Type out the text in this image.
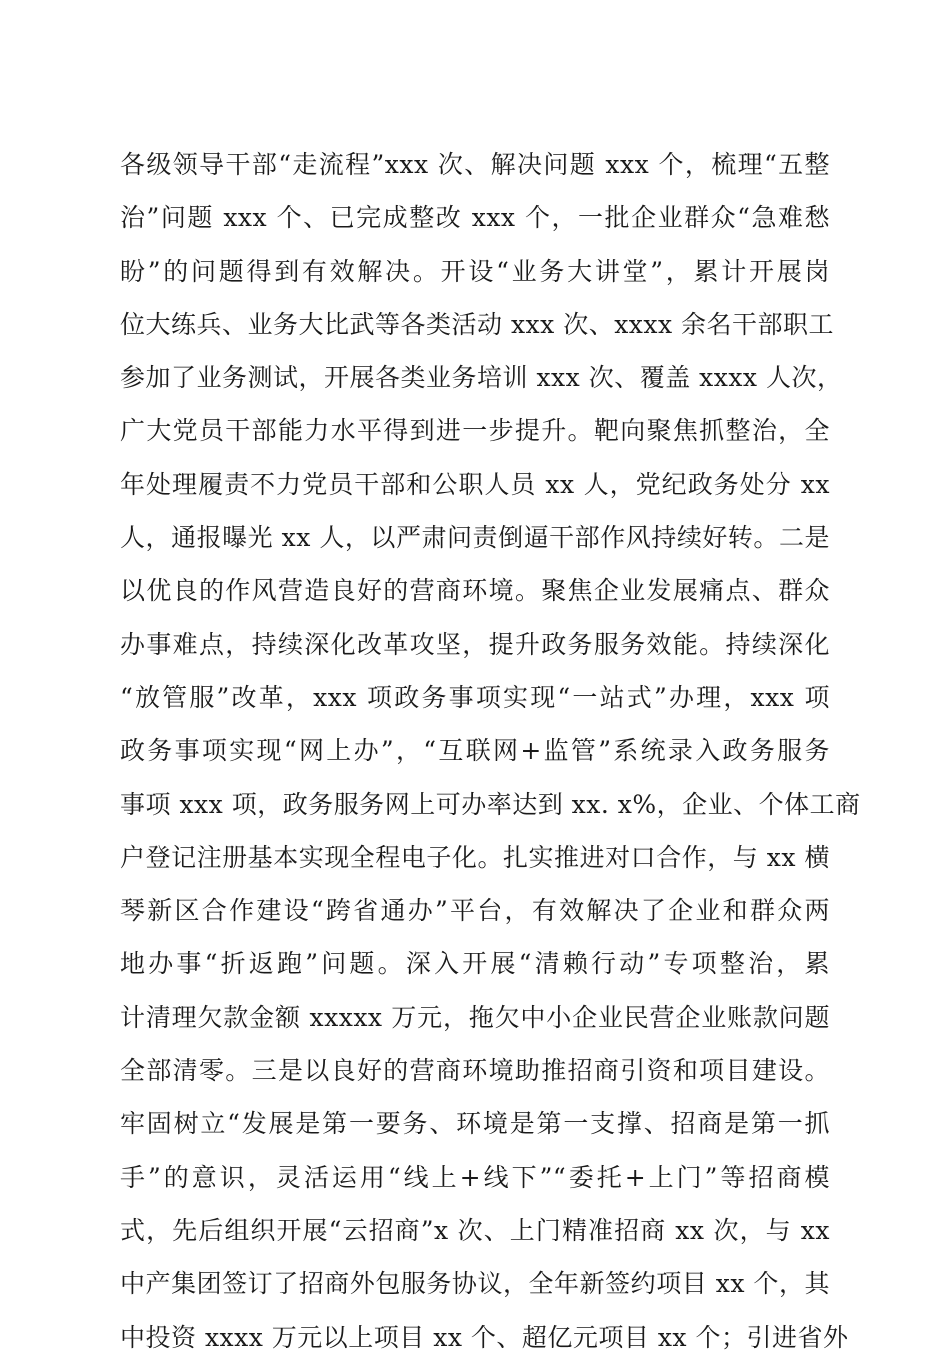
各级领导干部“走流程”xxx 次、解决问题 xxx 个，梳理“五整
治”问题 xxx 个、已完成整改 xxx 个，一批企业群众“急难愁
盼”的问题得到有效解决。开设“业务大讲堂”，累计开展岗
位大练兵、业务大比武等各类活动 xxx 次、xxxx 余名干部职工
参加了业务测试，开展各类业务培训 xxx 次、覆盖 xxxx 人次，
广大党员干部能力水平得到进一步提升。靶向聚焦抓整治，全
年处理履责不力党员干部和公职人员 xx 人，党纪政务处分 xx
人，通报曝光 xx 人，以严肃问责倒逼干部作风持续好转。二是
以优良的作风营造良好的营商环境。聚焦企业发展痛点、群众
办事难点，持续深化改革攻坚，提升政务服务效能。持续深化
“放管服”改革，xxx 项政务事项实现“一站式”办理，xxx 项
政务事项实现“网上办”，“互联网+监管”系统录入政务服务
事项 xxx 项，政务服务网上可办率达到 xx. x%，企业、个体工商
户登记注册基本实现全程电子化。扎实推进对口合作，与 xx 横
琴新区合作建设“跨省通办”平台，有效解决了企业和群众两
地办事“折返跑”问题。深入开展“清赖行动”专项整治，累
计清理欠款金额 xxxxx 万元，拖欠中小企业民营企业账款问题
全部清零。三是以良好的营商环境助推招商引资和项目建设。
牢固树立“发展是第一要务、环境是第一支撑、招商是第一抓
手”的意识，灵活运用“线上+线下”“委托+上门”等招商模
式，先后组织开展“云招商”x 次、上门精准招商 xx 次，与 xx
中产集团签订了招商外包服务协议，全年新签约项目 xx 个，其
中投资 xxxx 万元以上项目 xx 个、超亿元项目 xx 个；引进省外
